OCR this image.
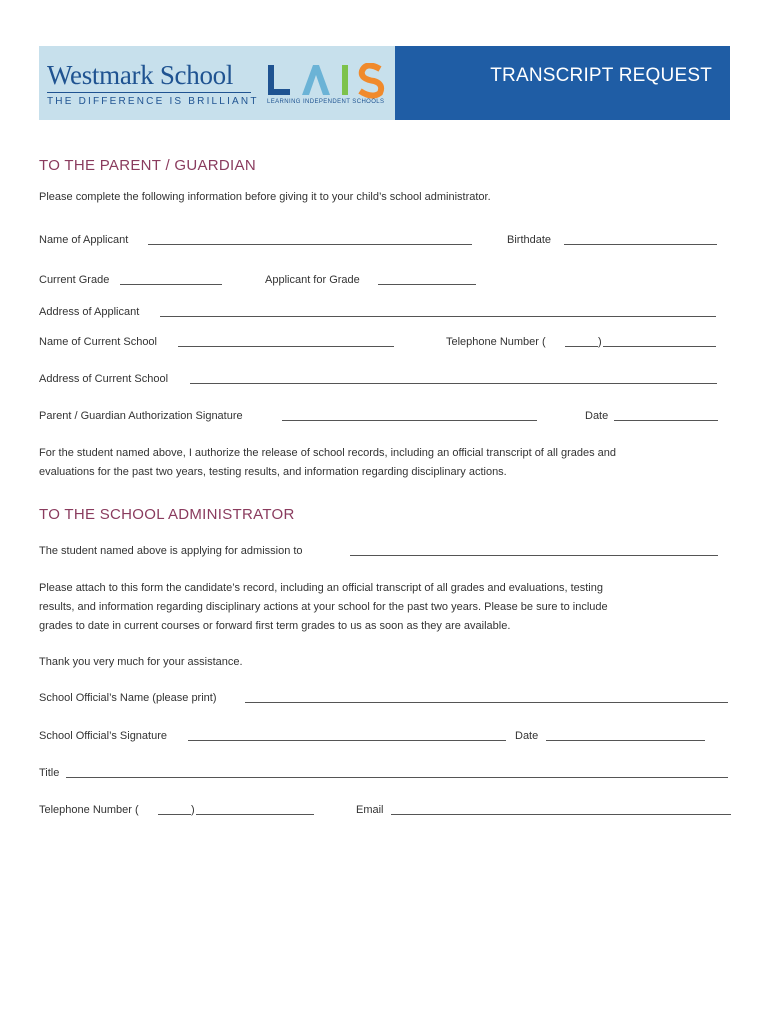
Westmark School
THE DIFFERENCE IS BRILLIANT LEARNING INDEPENDENT SCHOOLS
TRANSCRIPT REQUEST
TO THE PARENT / GUARDIAN
Please complete the following information before giving it to your child’s school administrator.
Name of Applicant	Birthdate
Current Grade	Applicant for Grade
Address of Applicant
Name of Current School	Telephone Number (	)
Address of Current School
Parent / Guardian Authorization Signature	Date
For the student named above, I authorize the release of school records, including an official transcript of all grades and
evaluations for the past two years, testing results, and information regarding disciplinary actions.
TO THE SCHOOL ADMINISTRATOR
The student named above is applying for admission to
Please attach to this form the candidate’s record, including an official transcript of all grades and evaluations, testing
results, and information regarding disciplinary actions at your school for the past two years. Please be sure to include
grades to date in current courses or forward first term grades to us as soon as they are available.
Thank you very much for your assistance.
School Official’s Name (please print)
School Official’s Signature	Date
Title
Telephone Number (	)	Email
